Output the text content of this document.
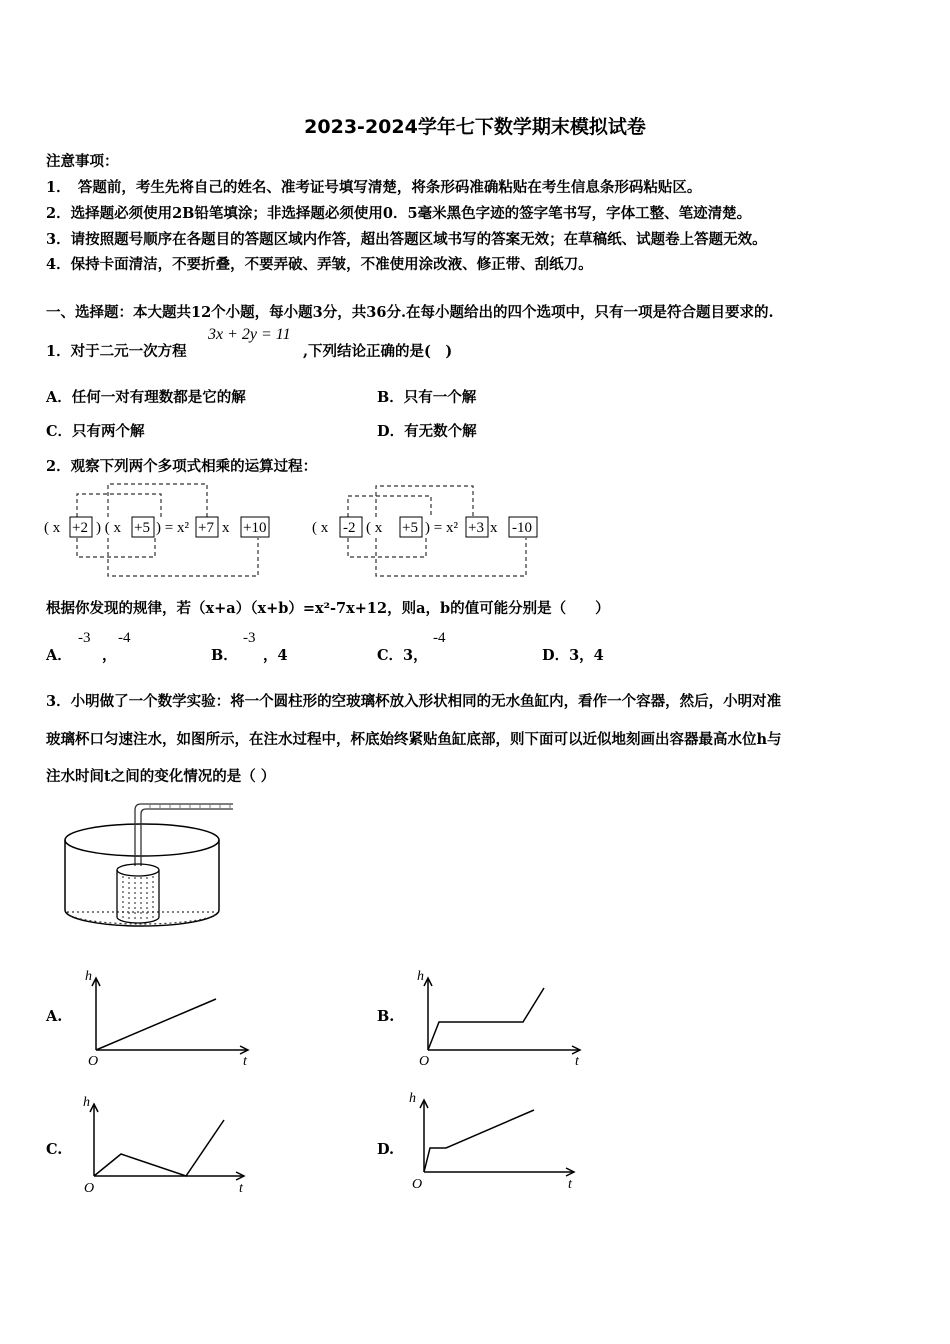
2023-2024学年七下数学期末模拟试卷
注意事项：
1．　答题前，考生先将自己的姓名、准考证号填写清楚，将条形码准确粘贴在考生信息条形码粘贴区。
2．选择题必须使用2B铅笔填涂；非选择题必须使用0．5毫米黑色字迹的签字笔书写，字体工整、笔迹清楚。
3．请按照题号顺序在各题目的答题区域内作答，超出答题区域书写的答案无效；在草稿纸、试题卷上答题无效。
4．保持卡面清洁，不要折叠，不要弄破、弄皱，不准使用涂改液、修正带、刮纸刀。
一、选择题：本大题共12个小题，每小题3分，共36分.在每小题给出的四个选项中，只有一项是符合题目要求的.
1．对于二元一次方程
3x + 2y = 11
,下列结论正确的是(　)
A．任何一对有理数都是它的解	B．只有一个解
C．只有两个解	D．有无数个解
2．观察下列两个多项式相乘的运算过程：
( x +2 ) ( x +5 ) = x² +7 x +10	( x -2 ( x +5 ) = x² +3 x -10
根据你发现的规律，若（x+a）（x+b）=x²-7x+12，则a，b的值可能分别是（　　）
A．
-3
，
-4
B．
-3
，4	C．3，
-4
D．3，4
3．小明做了一个数学实验：将一个圆柱形的空玻璃杯放入形状相同的无水鱼缸内，看作一个容器，然后，小明对准
玻璃杯口匀速注水，如图所示，在注水过程中，杯底始终紧贴鱼缸底部，则下面可以近似地刻画出容器最高水位h与
注水时间t之间的变化情况的是（ ）
A.
h
t
O
B.
h
t
O
C.
h
t
O
D.
h
t
O
